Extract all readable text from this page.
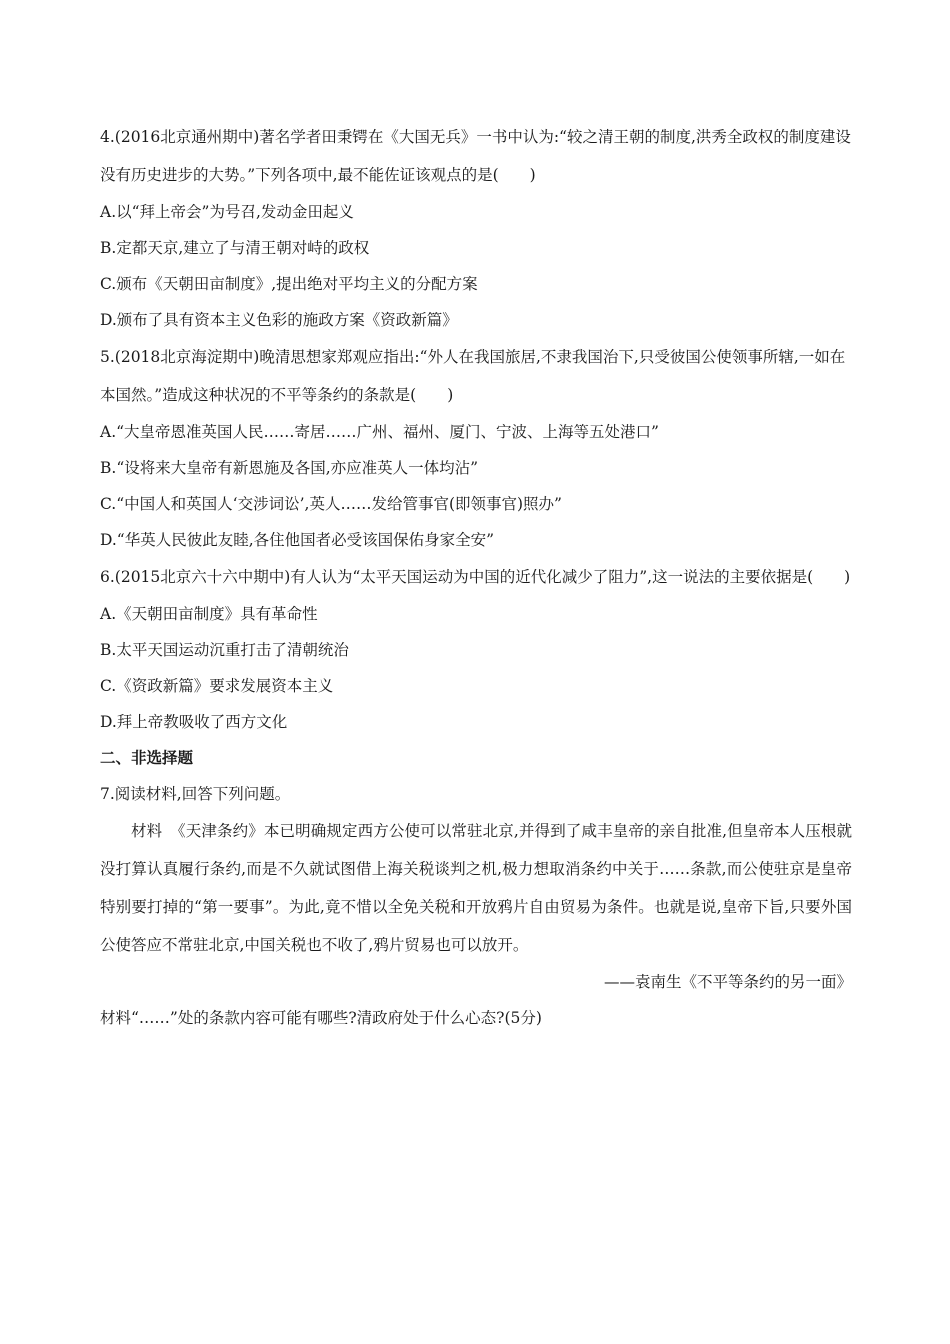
4.(2016北京通州期中)著名学者田秉锷在《大国无兵》一书中认为:“较之清王朝的制度,洪秀全政权的制度建设没有历史进步的大势。”下列各项中,最不能佐证该观点的是(　　)
A.以“拜上帝会”为号召,发动金田起义
B.定都天京,建立了与清王朝对峙的政权
C.颁布《天朝田亩制度》,提出绝对平均主义的分配方案
D.颁布了具有资本主义色彩的施政方案《资政新篇》
5.(2018北京海淀期中)晚清思想家郑观应指出:“外人在我国旅居,不隶我国治下,只受彼国公使领事所辖,一如在本国然。”造成这种状况的不平等条约的条款是(　　)
A.“大皇帝恩准英国人民……寄居……广州、福州、厦门、宁波、上海等五处港口”
B.“设将来大皇帝有新恩施及各国,亦应准英人一体均沾”
C.“中国人和英国人‘交涉词讼’,英人……发给管事官(即领事官)照办”
D.“华英人民彼此友睦,各住他国者必受该国保佑身家全安”
6.(2015北京六十六中期中)有人认为“太平天国运动为中国的近代化减少了阻力”,这一说法的主要依据是(　　)
A.《天朝田亩制度》具有革命性
B.太平天国运动沉重打击了清朝统治
C.《资政新篇》要求发展资本主义
D.拜上帝教吸收了西方文化
二、非选择题
7.阅读材料,回答下列问题。
材料　《天津条约》本已明确规定西方公使可以常驻北京,并得到了咸丰皇帝的亲自批准,但皇帝本人压根就没打算认真履行条约,而是不久就试图借上海关税谈判之机,极力想取消条约中关于……条款,而公使驻京是皇帝特别要打掉的“第一要事”。为此,竟不惜以全免关税和开放鸦片自由贸易为条件。也就是说,皇帝下旨,只要外国公使答应不常驻北京,中国关税也不收了,鸦片贸易也可以放开。
——袁南生《不平等条约的另一面》
材料“……”处的条款内容可能有哪些?清政府处于什么心态?(5分)
